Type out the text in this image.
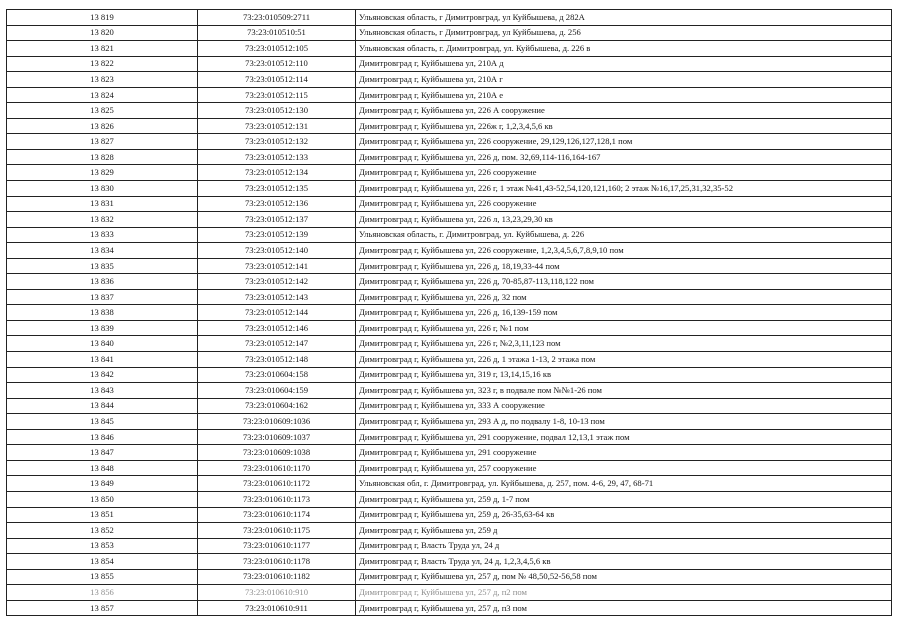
13 819	73:23:010509:2711	Ульяновская область, г Димитровград, ул Куйбышева, д 282А
13 820	73:23:010510:51	Ульяновская область, г Димитровград, ул Куйбышева, д. 256
13 821	73:23:010512:105	Ульяновская область, г. Димитровград, ул. Куйбышева, д. 226 в
13 822	73:23:010512:110	Димитровград г, Куйбышева ул, 210А д
13 823	73:23:010512:114	Димитровград г, Куйбышева ул, 210А г
13 824	73:23:010512:115	Димитровград г, Куйбышева ул, 210А е
13 825	73:23:010512:130	Димитровград г, Куйбышева ул, 226 А сооружение
13 826	73:23:010512:131	Димитровград г, Куйбышева ул, 226ж г, 1,2,3,4,5,6 кв
13 827	73:23:010512:132	Димитровград г, Куйбышева ул, 226 сооружение, 29,129,126,127,128,1 пом
13 828	73:23:010512:133	Димитровград г, Куйбышева ул, 226 д, пом. 32,69,114-116,164-167
13 829	73:23:010512:134	Димитровград г, Куйбышева ул, 226 сооружение
13 830	73:23:010512:135	Димитровград г, Куйбышева ул, 226 г, 1 этаж №41,43-52,54,120,121,160; 2 этаж №16,17,25,31,32,35-52
13 831	73:23:010512:136	Димитровград г, Куйбышева ул, 226 сооружение
13 832	73:23:010512:137	Димитровград г, Куйбышева ул, 226 л, 13,23,29,30 кв
13 833	73:23:010512:139	Ульяновская область, г. Димитровград, ул. Куйбышева, д. 226
13 834	73:23:010512:140	Димитровград г, Куйбышева ул, 226 сооружение, 1,2,3,4,5,6,7,8,9,10 пом
13 835	73:23:010512:141	Димитровград г, Куйбышева ул, 226 д, 18,19,33-44 пом
13 836	73:23:010512:142	Димитровград г, Куйбышева ул, 226 д, 70-85,87-113,118,122 пом
13 837	73:23:010512:143	Димитровград г, Куйбышева ул, 226 д, 32 пом
13 838	73:23:010512:144	Димитровград г, Куйбышева ул, 226 д, 16,139-159 пом
13 839	73:23:010512:146	Димитровград г, Куйбышева ул, 226 г, №1 пом
13 840	73:23:010512:147	Димитровград г, Куйбышева ул, 226 г, №2,3,11,123 пом
13 841	73:23:010512:148	Димитровград г, Куйбышева ул, 226 д, 1 этажа 1-13, 2 этажа пом
13 842	73:23:010604:158	Димитровград г, Куйбышева ул, 319 г, 13,14,15,16 кв
13 843	73:23:010604:159	Димитровград г, Куйбышева ул, 323 г, в подвале пом №№1-26 пом
13 844	73:23:010604:162	Димитровград г, Куйбышева ул, 333 А сооружение
13 845	73:23:010609:1036	Димитровград г, Куйбышева ул, 293 А д, по подвалу 1-8, 10-13 пом
13 846	73:23:010609:1037	Димитровград г, Куйбышева ул, 291 сооружение, подвал 12,13,1 этаж пом
13 847	73:23:010609:1038	Димитровград г, Куйбышева ул, 291 сооружение
13 848	73:23:010610:1170	Димитровград г, Куйбышева ул, 257 сооружение
13 849	73:23:010610:1172	Ульяновская обл, г. Димитровград, ул. Куйбышева, д. 257, пом. 4-6, 29, 47, 68-71
13 850	73:23:010610:1173	Димитровград г, Куйбышева ул, 259 д, 1-7 пом
13 851	73:23:010610:1174	Димитровград г, Куйбышева ул, 259 д, 26-35,63-64 кв
13 852	73:23:010610:1175	Димитровград г, Куйбышева ул, 259 д
13 853	73:23:010610:1177	Димитровград г, Власть Труда ул, 24 д
13 854	73:23:010610:1178	Димитровград г, Власть Труда ул, 24 д, 1,2,3,4,5,6 кв
13 855	73:23:010610:1182	Димитровград г, Куйбышева ул, 257 д, пом № 48,50,52-56,58 пом
13 856	73:23:010610:910	Димитровград г, Куйбышева ул, 257 д, п2 пом
13 857	73:23:010610:911	Димитровград г, Куйбышева ул, 257 д, п3 пом
